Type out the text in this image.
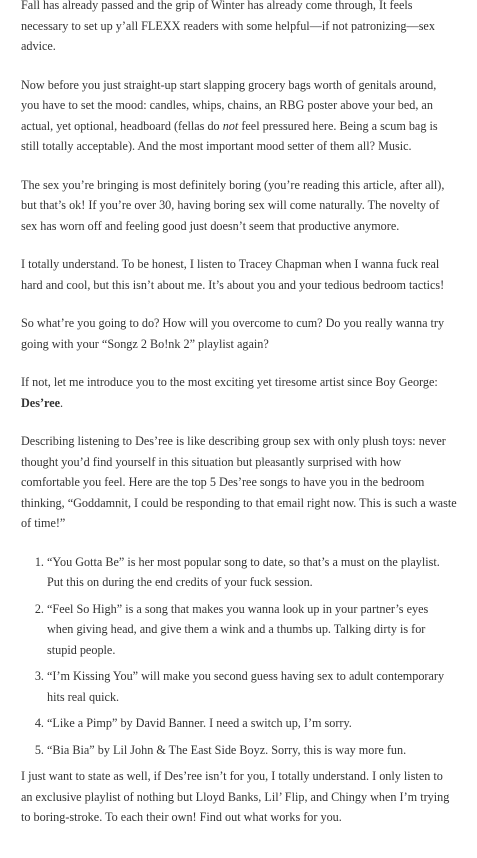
Fall has already passed and the grip of Winter has already come through, It feels necessary to set up y’all FLEXX readers with some helpful—if not patronizing—sex advice.

Now before you just straight-up start slapping grocery bags worth of genitals around, you have to set the mood: candles, whips, chains, an RBG poster above your bed, an actual, yet optional, headboard (fellas do not feel pressured here. Being a scum bag is still totally acceptable). And the most important mood setter of them all? Music.

The sex you’re bringing is most definitely boring (you’re reading this article, after all), but that’s ok! If you’re over 30, having boring sex will come naturally. The novelty of sex has worn off and feeling good just doesn’t seem that productive anymore.

I totally understand. To be honest, I listen to Tracey Chapman when I wanna fuck real hard and cool, but this isn’t about me. It’s about you and your tedious bedroom tactics!

So what’re you going to do? How will you overcome to cum? Do you really wanna try going with your “Songz 2 Bo!nk 2” playlist again?

If not, let me introduce you to the most exciting yet tiresome artist since Boy George: Des’ree.

Describing listening to Des’ree is like describing group sex with only plush toys: never thought you’d find yourself in this situation but pleasantly surprised with how comfortable you feel. Here are the top 5 Des’ree songs to have you in the bedroom thinking, “Goddamnit, I could be responding to that email right now. This is such a waste of time!”

1. “You Gotta Be” is her most popular song to date, so that’s a must on the playlist. Put this on during the end credits of your fuck session.
2. “Feel So High” is a song that makes you wanna look up in your partner’s eyes when giving head, and give them a wink and a thumbs up. Talking dirty is for stupid people.
3. “I’m Kissing You” will make you second guess having sex to adult contemporary hits real quick.
4. “Like a Pimp” by David Banner. I need a switch up, I’m sorry.
5. “Bia Bia” by Lil John & The East Side Boyz. Sorry, this is way more fun.

I just want to state as well, if Des’ree isn’t for you, I totally understand. I only listen to an exclusive playlist of nothing but Lloyd Banks, Lil’ Flip, and Chingy when I’m trying to boring-stroke. To each their own! Find out what works for you.
